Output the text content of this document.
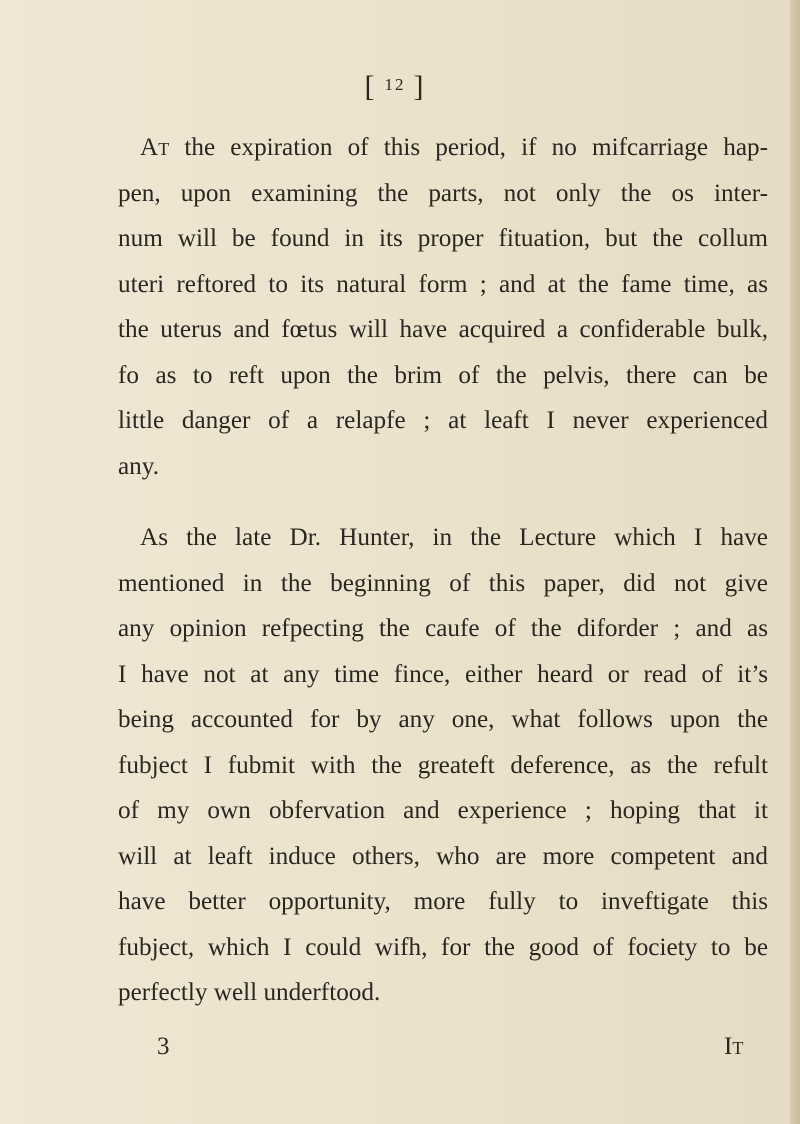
[ $^{12}$ ]
At the expiration of this period, if no mifcarriage hap-
pen, upon examining the parts, not only the os inter-
num will be found in its proper fituation, but the collum
uteri reftored to its natural form ; and at the fame time, as
the uterus and fœtus will have acquired a confiderable bulk,
fo as to reft upon the brim of the pelvis, there can be
little danger of a relapfe ; at leaft I never experienced
any.
As the late Dr. Hunter, in the Lecture which I have
mentioned in the beginning of this paper, did not give
any opinion refpecting the caufe of the diforder ; and as
I have not at any time fince, either heard or read of it’s
being accounted for by any one, what follows upon the
fubject I fubmit with the greateft deference, as the refult
of my own obfervation and experience ; hoping that it
will at leaft induce others, who are more competent and
have better opportunity, more fully to inveftigate this
fubject, which I could wifh, for the good of fociety to be
perfectly well underftood.
3	It
